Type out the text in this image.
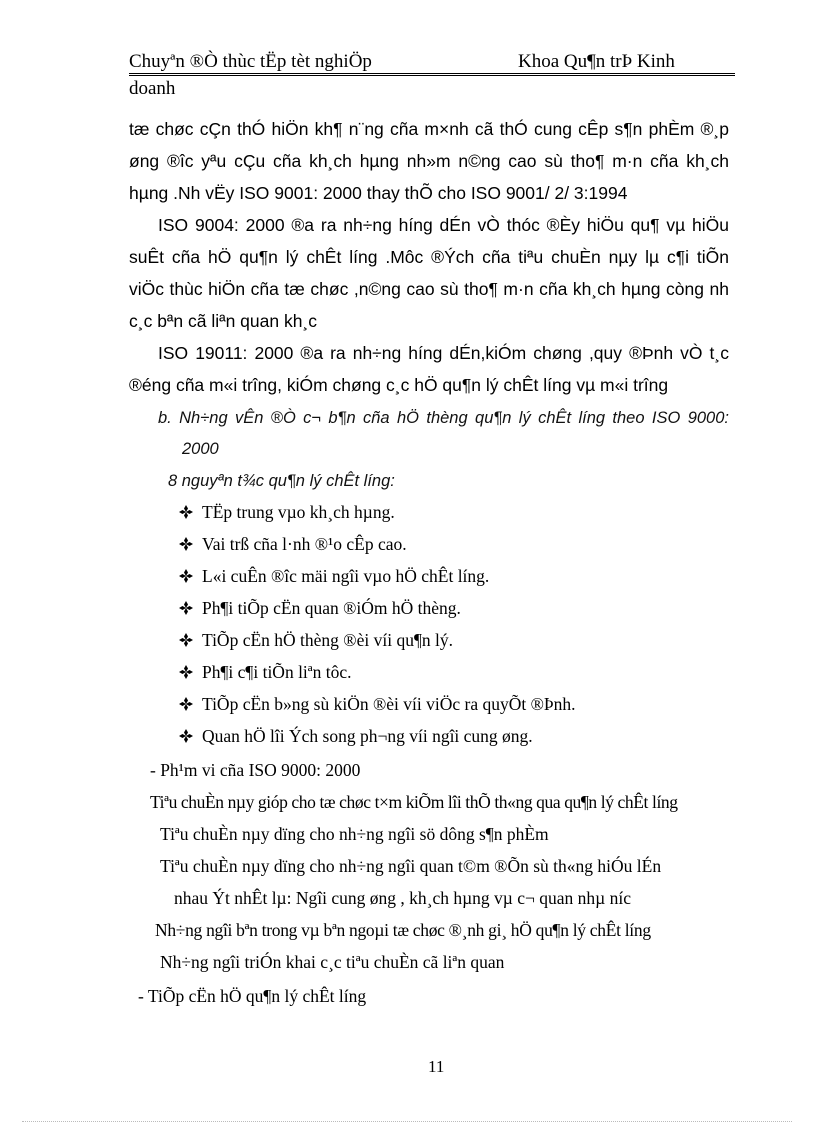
Chuyªn ®Ò thùc tËp tèt nghiÖp	Khoa Qu¶n trÞ Kinh
doanh
tæ chøc cÇn thÓ hiÖn kh¶ n¨ng cña m×nh cã thÓ cung cÊp s¶n phÈm ®¸p
øng ®îc yªu cÇu cña kh¸ch hµng nh»m n©ng cao sù tho¶ m·n cña kh¸ch
hµng .Nh vËy ISO 9001: 2000 thay thÕ cho ISO 9001/ 2/ 3:1994
ISO 9004: 2000 ®a ra nh÷ng híng dÉn vÒ thóc ®Èy hiÖu qu¶ vµ hiÖu
suÊt cña hÖ qu¶n lý chÊt líng .Môc ®Ých cña tiªu chuÈn nµy lµ c¶i tiÕn
viÖc thùc hiÖn cña tæ chøc ,n©ng cao sù tho¶ m·n cña kh¸ch hµng còng nh
c¸c bªn cã liªn quan kh¸c
ISO 19011: 2000 ®a ra nh÷ng híng dÉn,kiÓm chøng ,quy ®Þnh vÒ t¸c
®éng cña m«i trîng, kiÓm chøng c¸c hÖ qu¶n lý chÊt líng vµ m«i trîng
b. Nh÷ng vÊn ®Ò c¬ b¶n cña hÖ thèng qu¶n lý chÊt líng theo ISO 9000:
2000
8 nguyªn t¾c qu¶n lý chÊt líng:
TËp trung vµo kh¸ch hµng.
Vai trß cña l·nh ®¹o cÊp cao.
L«i cuÊn ®îc mäi ngîi vµo hÖ chÊt líng.
Ph¶i tiÕp cËn quan ®iÓm hÖ thèng.
TiÕp cËn hÖ thèng ®èi víi qu¶n lý.
Ph¶i c¶i tiÕn liªn tôc.
TiÕp cËn b»ng sù kiÖn ®èi víi viÖc ra quyÕt ®Þnh.
Quan hÖ lîi Ých song ph¬ng víi ngîi cung øng.
- Ph¹m vi cña ISO 9000: 2000
Tiªu chuÈn nµy gióp cho tæ chøc t×m kiÕm lîi thÕ th«ng qua qu¶n lý chÊt líng
Tiªu chuÈn nµy dïng cho nh÷ng ngîi sö dông s¶n phÈm
Tiªu chuÈn nµy dïng cho nh÷ng ngîi quan t©m ®Õn sù th«ng hiÓu lÉn
nhau Ýt nhÊt lµ: Ngîi cung øng , kh¸ch hµng vµ c¬ quan nhµ níc
Nh÷ng ngîi bªn trong vµ bªn ngoµi tæ chøc ®¸nh gi¸ hÖ qu¶n lý chÊt líng
Nh÷ng ngîi triÓn khai c¸c tiªu chuÈn cã liªn quan
- TiÕp cËn hÖ qu¶n lý chÊt líng
11
